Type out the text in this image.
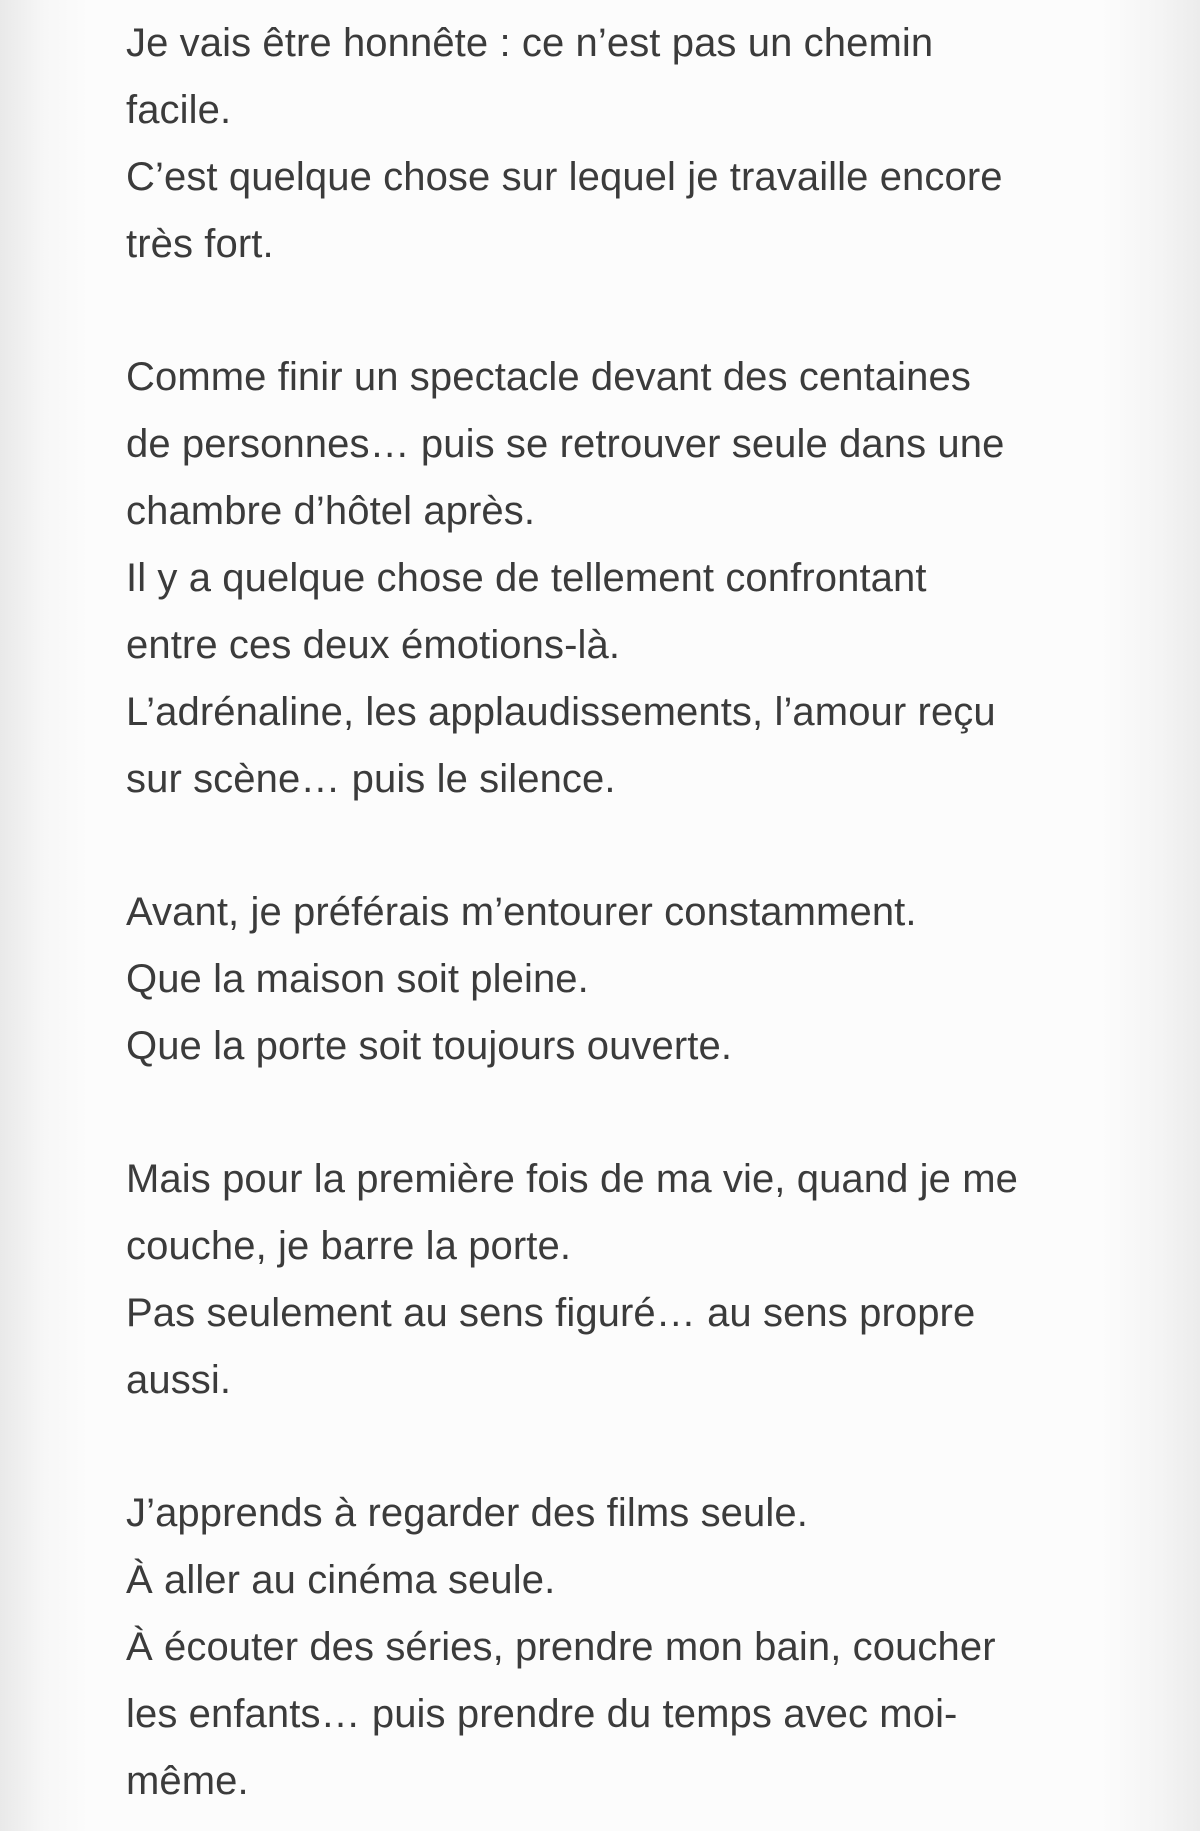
Je vais être honnête : ce n’est pas un chemin
facile.
C’est quelque chose sur lequel je travaille encore
très fort.
Comme finir un spectacle devant des centaines
de personnes… puis se retrouver seule dans une
chambre d’hôtel après.
Il y a quelque chose de tellement confrontant
entre ces deux émotions-là.
L’adrénaline, les applaudissements, l’amour reçu
sur scène… puis le silence.
Avant, je préférais m’entourer constamment.
Que la maison soit pleine.
Que la porte soit toujours ouverte.
Mais pour la première fois de ma vie, quand je me
couche, je barre la porte.
Pas seulement au sens figuré… au sens propre
aussi.
J’apprends à regarder des films seule.
À aller au cinéma seule.
À écouter des séries, prendre mon bain, coucher
les enfants… puis prendre du temps avec moi-
même.
